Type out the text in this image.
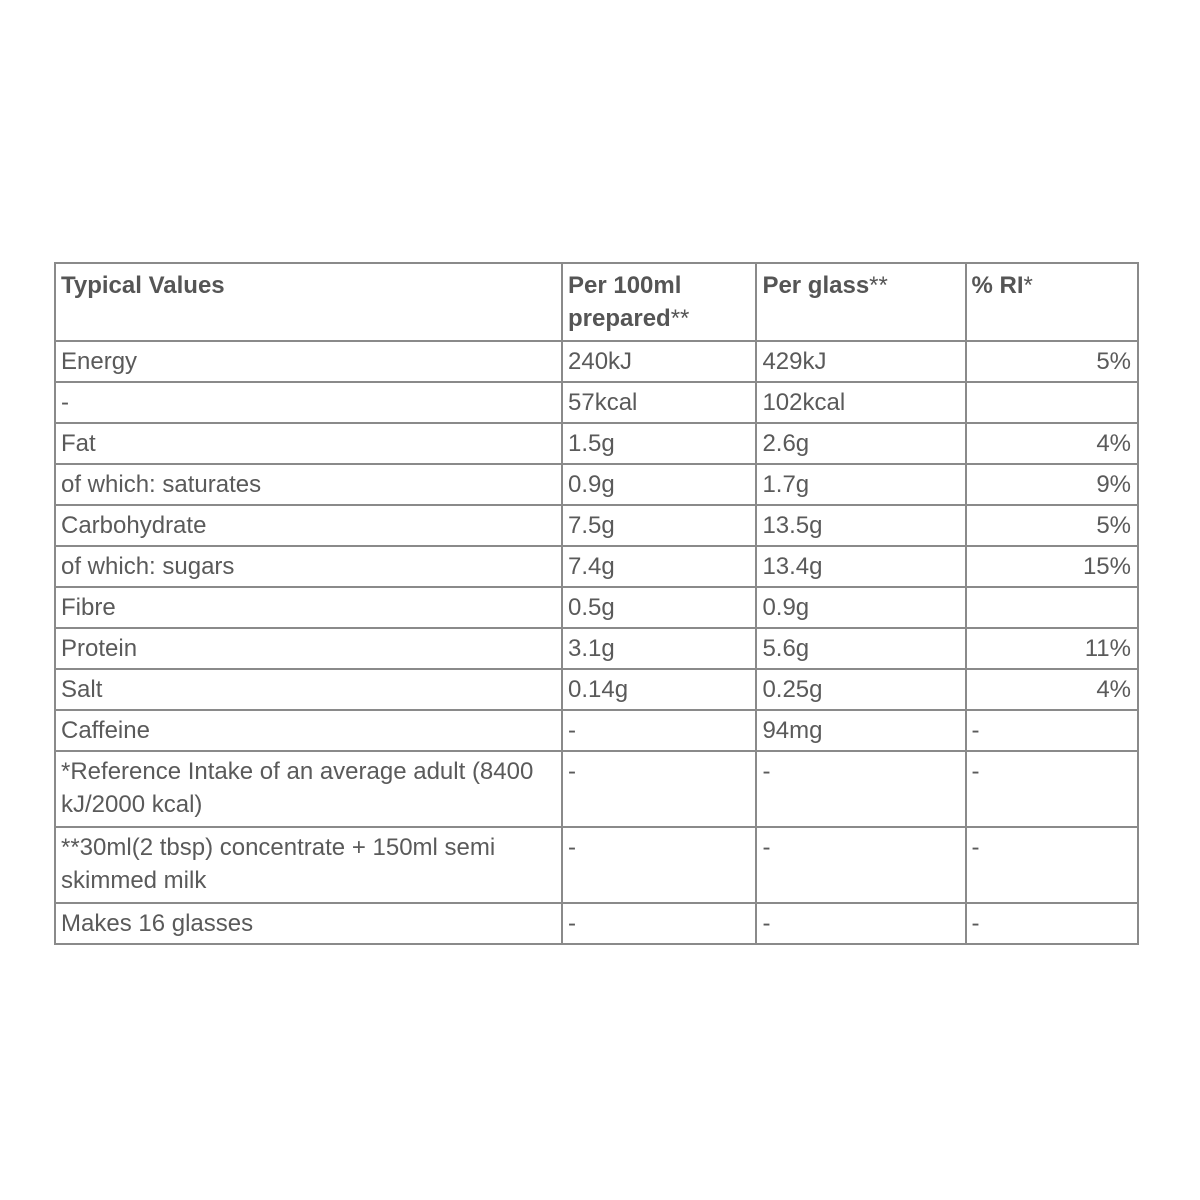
Typical Values	Per 100ml prepared**	Per glass**	% RI*
Energy	240kJ	429kJ	5%
-	57kcal	102kcal	
Fat	1.5g	2.6g	4%
of which: saturates	0.9g	1.7g	9%
Carbohydrate	7.5g	13.5g	5%
of which: sugars	7.4g	13.4g	15%
Fibre	0.5g	0.9g	
Protein	3.1g	5.6g	11%
Salt	0.14g	0.25g	4%
Caffeine	-	94mg	-
*Reference Intake of an average adult (8400 kJ/2000 kcal)	-	-	-
**30ml(2 tbsp) concentrate + 150ml semi skimmed milk	-	-	-
Makes 16 glasses	-	-	-
